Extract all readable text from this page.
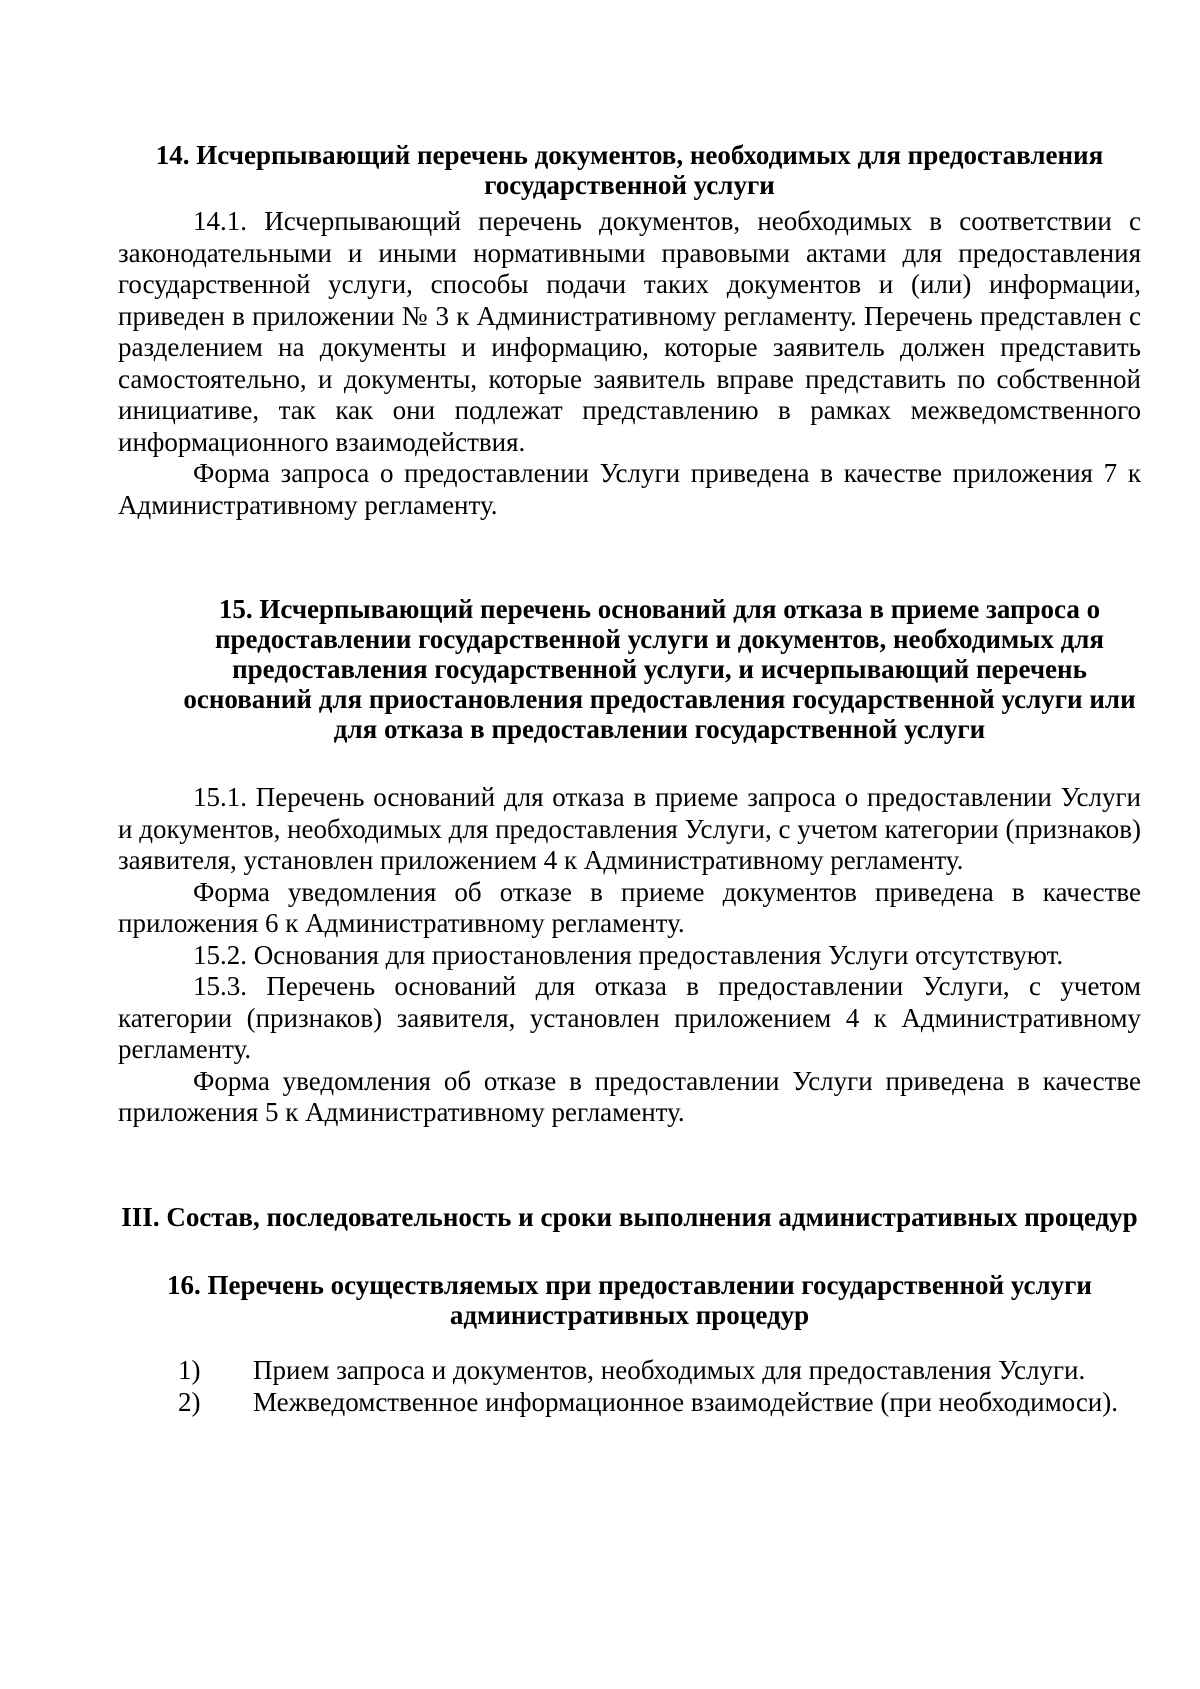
14. Исчерпывающий перечень документов, необходимых для предоставления государственной услуги

14.1. Исчерпывающий перечень документов, необходимых в соответствии с законодательными и иными нормативными правовыми актами для предоставления государственной услуги, способы подачи таких документов и (или) информации, приведен в приложении № 3 к Административному регламенту. Перечень представлен с разделением на документы и информацию, которые заявитель должен представить самостоятельно, и документы, которые заявитель вправе представить по собственной инициативе, так как они подлежат представлению в рамках межведомственного информационного взаимодействия.

Форма запроса о предоставлении Услуги приведена в качестве приложения 7 к Административному регламенту.

15. Исчерпывающий перечень оснований для отказа в приеме запроса о предоставлении государственной услуги и документов, необходимых для предоставления государственной услуги, и исчерпывающий перечень оснований для приостановления предоставления государственной услуги или для отказа в предоставлении государственной услуги

15.1. Перечень оснований для отказа в приеме запроса о предоставлении Услуги и документов, необходимых для предоставления Услуги, с учетом категории (признаков) заявителя, установлен приложением 4 к Административному регламенту.

Форма уведомления об отказе в приеме документов приведена в качестве приложения 6 к Административному регламенту.

15.2. Основания для приостановления предоставления Услуги отсутствуют.

15.3. Перечень оснований для отказа в предоставлении Услуги, с учетом категории (признаков) заявителя, установлен приложением 4 к Административному регламенту.

Форма уведомления об отказе в предоставлении Услуги приведена в качестве приложения 5 к Административному регламенту.

III. Состав, последовательность и сроки выполнения административных процедур
16. Перечень осуществляемых при предоставлении государственной услуги административных процедур

1) Прием запроса и документов, необходимых для предоставления Услуги.

2) Межведомственное информационное взаимодействие (при необходимоси).
